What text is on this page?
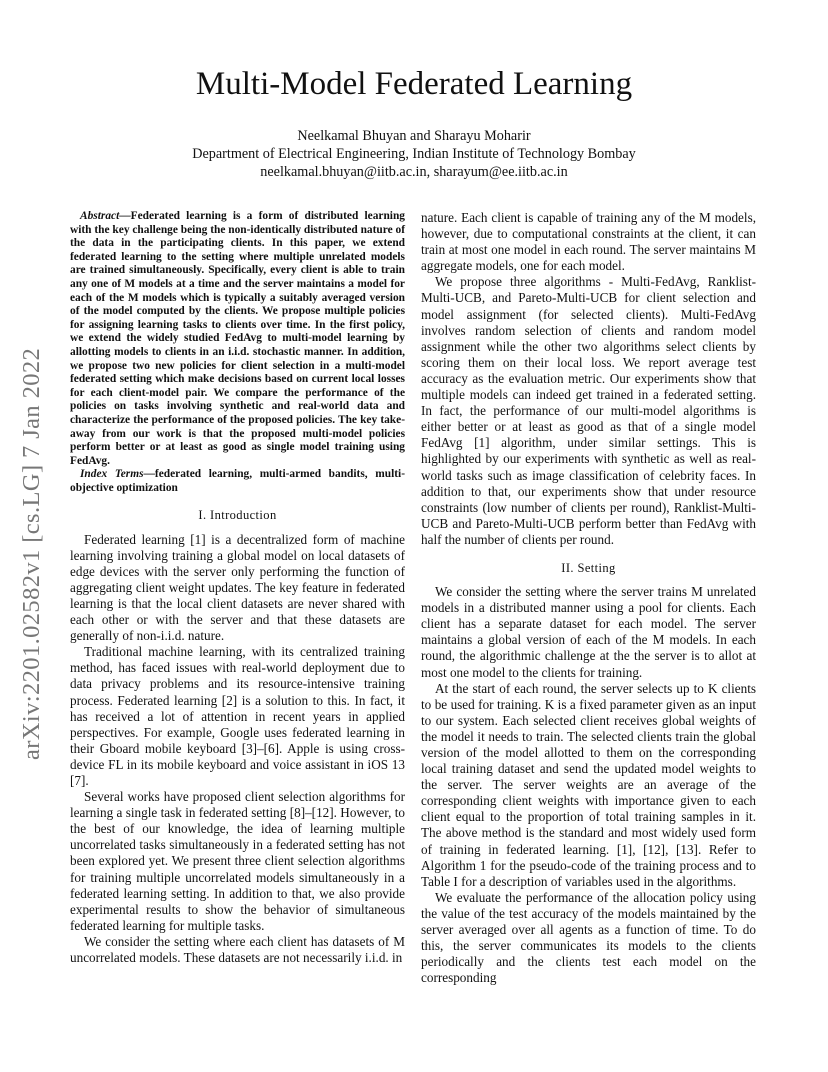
arXiv:2201.02582v1 [cs.LG] 7 Jan 2022
Multi-Model Federated Learning
Neelkamal Bhuyan and Sharayu Moharir
Department of Electrical Engineering, Indian Institute of Technology Bombay
neelkamal.bhuyan@iitb.ac.in, sharayum@ee.iitb.ac.in

Abstract—Federated learning is a form of distributed learning with the key challenge being the non-identically distributed nature of the data in the participating clients. In this paper, we extend federated learning to the setting where multiple unrelated models are trained simultaneously. Specifically, every client is able to train any one of M models at a time and the server maintains a model for each of the M models which is typically a suitably averaged version of the model computed by the clients. We propose multiple policies for assigning learning tasks to clients over time. In the first policy, we extend the widely studied FedAvg to multi-model learning by allotting models to clients in an i.i.d. stochastic manner. In addition, we propose two new policies for client selection in a multi-model federated setting which make decisions based on current local losses for each client-model pair. We compare the performance of the policies on tasks involving synthetic and real-world data and characterize the performance of the proposed policies. The key take-away from our work is that the proposed multi-model policies perform better or at least as good as single model training using FedAvg.

Index Terms—federated learning, multi-armed bandits, multi-objective optimization

I. Introduction

Federated learning [1] is a decentralized form of machine learning involving training a global model on local datasets of edge devices with the server only performing the function of aggregating client weight updates. The key feature in federated learning is that the local client datasets are never shared with each other or with the server and that these datasets are generally of non-i.i.d. nature.

Traditional machine learning, with its centralized training method, has faced issues with real-world deployment due to data privacy problems and its resource-intensive training process. Federated learning [2] is a solution to this. In fact, it has received a lot of attention in recent years in applied perspectives. For example, Google uses federated learning in their Gboard mobile keyboard [3]–[6]. Apple is using cross-device FL in its mobile keyboard and voice assistant in iOS 13 [7].

Several works have proposed client selection algorithms for learning a single task in federated setting [8]–[12]. However, to the best of our knowledge, the idea of learning multiple uncorrelated tasks simultaneously in a federated setting has not been explored yet. We present three client selection algorithms for training multiple uncorrelated models simultaneously in a federated learning setting. In addition to that, we also provide experimental results to show the behavior of simultaneous federated learning for multiple tasks.

We consider the setting where each client has datasets of M uncorrelated models. These datasets are not necessarily i.i.d. in

nature. Each client is capable of training any of the M models, however, due to computational constraints at the client, it can train at most one model in each round. The server maintains M aggregate models, one for each model.

We propose three algorithms - Multi-FedAvg, Ranklist-Multi-UCB, and Pareto-Multi-UCB for client selection and model assignment (for selected clients). Multi-FedAvg involves random selection of clients and random model assignment while the other two algorithms select clients by scoring them on their local loss. We report average test accuracy as the evaluation metric. Our experiments show that multiple models can indeed get trained in a federated setting. In fact, the performance of our multi-model algorithms is either better or at least as good as that of a single model FedAvg [1] algorithm, under similar settings. This is highlighted by our experiments with synthetic as well as real-world tasks such as image classification of celebrity faces. In addition to that, our experiments show that under resource constraints (low number of clients per round), Ranklist-Multi-UCB and Pareto-Multi-UCB perform better than FedAvg with half the number of clients per round.

II. Setting

We consider the setting where the server trains M unrelated models in a distributed manner using a pool for clients. Each client has a separate dataset for each model. The server maintains a global version of each of the M models. In each round, the algorithmic challenge at the the server is to allot at most one model to the clients for training.

At the start of each round, the server selects up to K clients to be used for training. K is a fixed parameter given as an input to our system. Each selected client receives global weights of the model it needs to train. The selected clients train the global version of the model allotted to them on the corresponding local training dataset and send the updated model weights to the server. The server weights are an average of the corresponding client weights with importance given to each client equal to the proportion of total training samples in it. The above method is the standard and most widely used form of training in federated learning. [1], [12], [13]. Refer to Algorithm 1 for the pseudo-code of the training process and to Table I for a description of variables used in the algorithms.

We evaluate the performance of the allocation policy using the value of the test accuracy of the models maintained by the server averaged over all agents as a function of time. To do this, the server communicates its models to the clients periodically and the clients test each model on the corresponding
